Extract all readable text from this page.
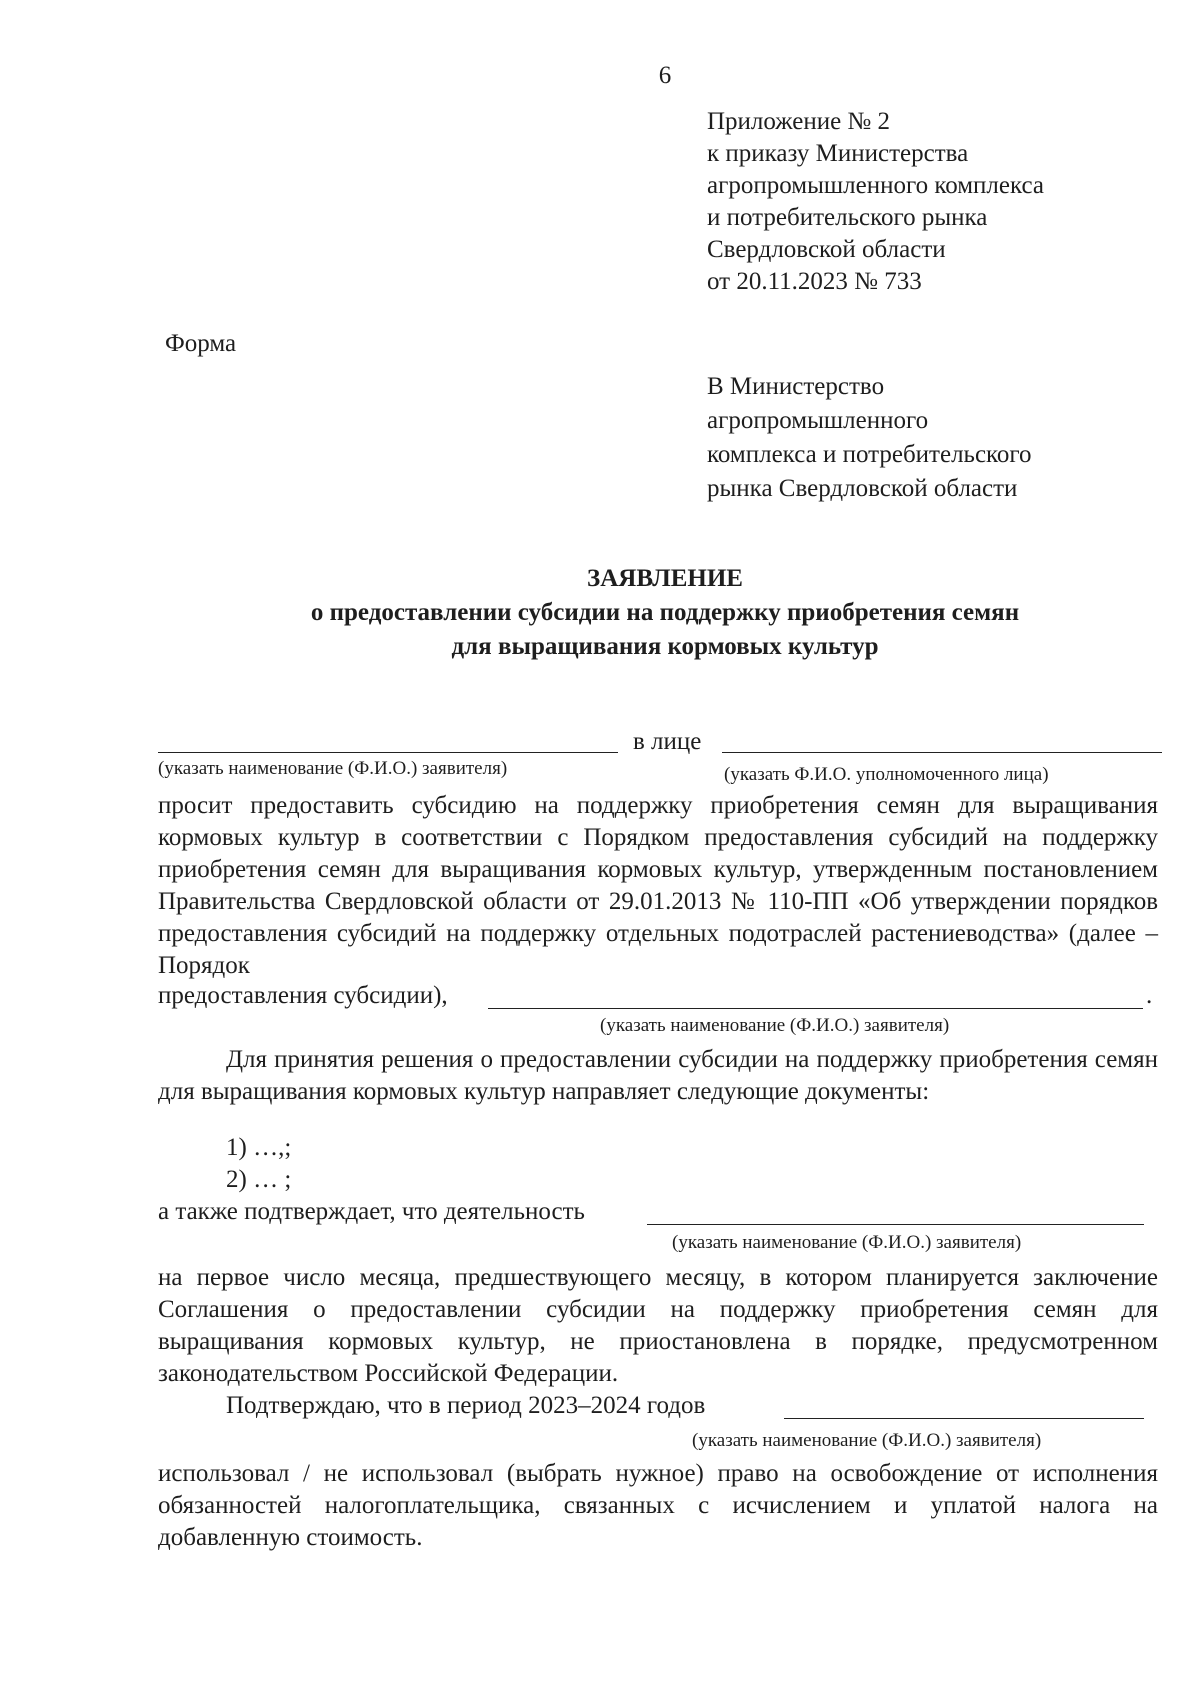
6
Приложение № 2
к приказу Министерства
агропромышленного комплекса
и потребительского рынка
Свердловской области
от 20.11.2023 № 733
Форма
В Министерство
агропромышленного
комплекса и потребительского
рынка Свердловской области
ЗАЯВЛЕНИЕ
о предоставлении субсидии на поддержку приобретения семян
для выращивания кормовых культур
в лице
(указать наименование (Ф.И.О.) заявителя)	(указать Ф.И.О. уполномоченного лица)
просит предоставить субсидию на поддержку приобретения семян для выращивания кормовых культур в соответствии с Порядком предоставления субсидий на поддержку приобретения семян для выращивания кормовых культур, утвержденным постановлением Правительства Свердловской области от 29.01.2013 № 110-ПП «Об утверждении порядков предоставления субсидий на поддержку отдельных подотраслей растениеводства» (далее – Порядок
предоставления субсидии),	.
(указать наименование (Ф.И.О.) заявителя)
Для принятия решения о предоставлении субсидии на поддержку приобретения семян для выращивания кормовых культур направляет следующие документы:
1) …,;
2) … ;
а также подтверждает, что деятельность
(указать наименование (Ф.И.О.) заявителя)
на первое число месяца, предшествующего месяцу, в котором планируется заключение Соглашения о предоставлении субсидии на поддержку приобретения семян для выращивания кормовых культур, не приостановлена в порядке, предусмотренном законодательством Российской Федерации.
Подтверждаю, что в период 2023–2024 годов
(указать наименование (Ф.И.О.) заявителя)
использовал / не использовал (выбрать нужное) право на освобождение от исполнения обязанностей налогоплательщика, связанных с исчислением и уплатой налога на добавленную стоимость.
